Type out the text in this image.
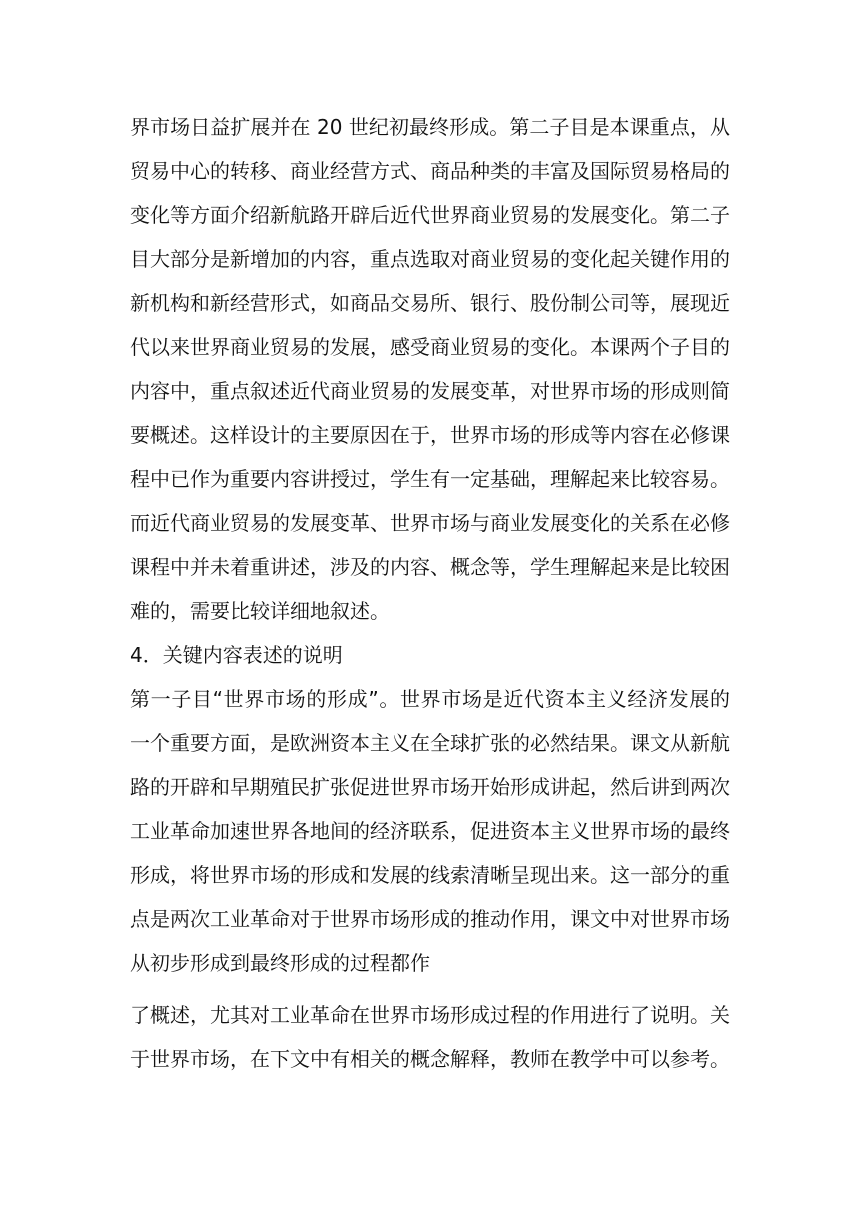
界市场日益扩展并在 20 世纪初最终形成。第二子目是本课重点，从
贸易中心的转移、商业经营方式、商品种类的丰富及国际贸易格局的
变化等方面介绍新航路开辟后近代世界商业贸易的发展变化。第二子
目大部分是新增加的内容，重点选取对商业贸易的变化起关键作用的
新机构和新经营形式，如商品交易所、银行、股份制公司等，展现近
代以来世界商业贸易的发展，感受商业贸易的变化。本课两个子目的
内容中，重点叙述近代商业贸易的发展变革，对世界市场的形成则简
要概述。这样设计的主要原因在于，世界市场的形成等内容在必修课
程中已作为重要内容讲授过，学生有一定基础，理解起来比较容易。
而近代商业贸易的发展变革、世界市场与商业发展变化的关系在必修
课程中并未着重讲述，涉及的内容、概念等，学生理解起来是比较困
难的，需要比较详细地叙述。
4．关键内容表述的说明
第一子目“世界市场的形成”。世界市场是近代资本主义经济发展的
一个重要方面，是欧洲资本主义在全球扩张的必然结果。课文从新航
路的开辟和早期殖民扩张促进世界市场开始形成讲起，然后讲到两次
工业革命加速世界各地间的经济联系，促进资本主义世界市场的最终
形成，将世界市场的形成和发展的线索清晰呈现出来。这一部分的重
点是两次工业革命对于世界市场形成的推动作用，课文中对世界市场
从初步形成到最终形成的过程都作
了概述，尤其对工业革命在世界市场形成过程的作用进行了说明。关
于世界市场，在下文中有相关的概念解释，教师在教学中可以参考。
